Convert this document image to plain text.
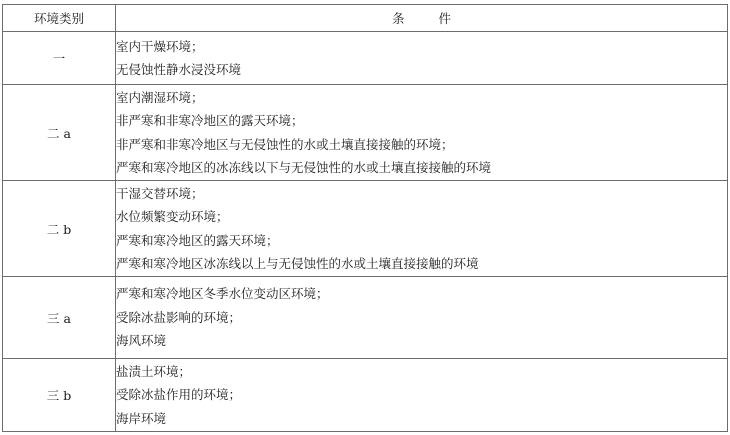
环境类别	条 件
一	室内干燥环境；
无侵蚀性静水浸没环境

二 a	室内潮湿环境；
非严寒和非寒冷地区的露天环境；
非严寒和非寒冷地区与无侵蚀性的水或土壤直接接触的环境；
严寒和寒冷地区的冰冻线以下与无侵蚀性的水或土壤直接接触的环境

二 b	干湿交替环境；
水位频繁变动环境；
严寒和寒冷地区的露天环境；
严寒和寒冷地区冰冻线以上与无侵蚀性的水或土壤直接接触的环境

三 a	严寒和寒冷地区冬季水位变动区环境；
受除冰盐影响的环境；
海风环境

三 b	盐渍土环境；
受除冰盐作用的环境；
海岸环境
